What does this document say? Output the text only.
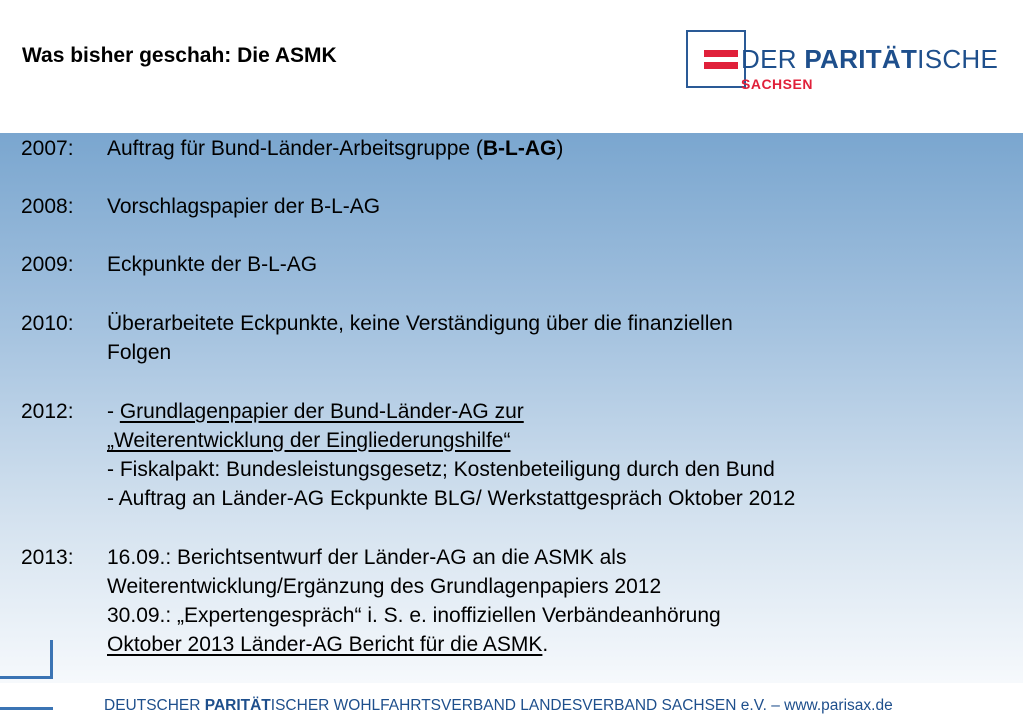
Was bisher geschah: Die ASMK	DER PARITÄTISCHE
SACHSEN
2007: Auftrag für Bund-Länder-Arbeitsgruppe (B-L-AG)
2008: Vorschlagspapier der B-L-AG
2009: Eckpunkte der B-L-AG
2010: Überarbeitete Eckpunkte, keine Verständigung über die finanziellen
Folgen
2012: - Grundlagenpapier der Bund-Länder-AG zur
„Weiterentwicklung der Eingliederungshilfe“
- Fiskalpakt: Bundesleistungsgesetz; Kostenbeteiligung durch den Bund
- Auftrag an Länder-AG Eckpunkte BLG/ Werkstattgespräch Oktober 2012
2013: 16.09.: Berichtsentwurf der Länder-AG an die ASMK als
Weiterentwicklung/Ergänzung des Grundlagenpapiers 2012
30.09.: „Expertengespräch“ i. S. e. inoffiziellen Verbändeanhörung
Oktober 2013 Länder-AG Bericht für die ASMK.
DEUTSCHER PARITÄTISCHER WOHLFAHRTSVERBAND LANDESVERBAND SACHSEN e.V. – www.parisax.de
